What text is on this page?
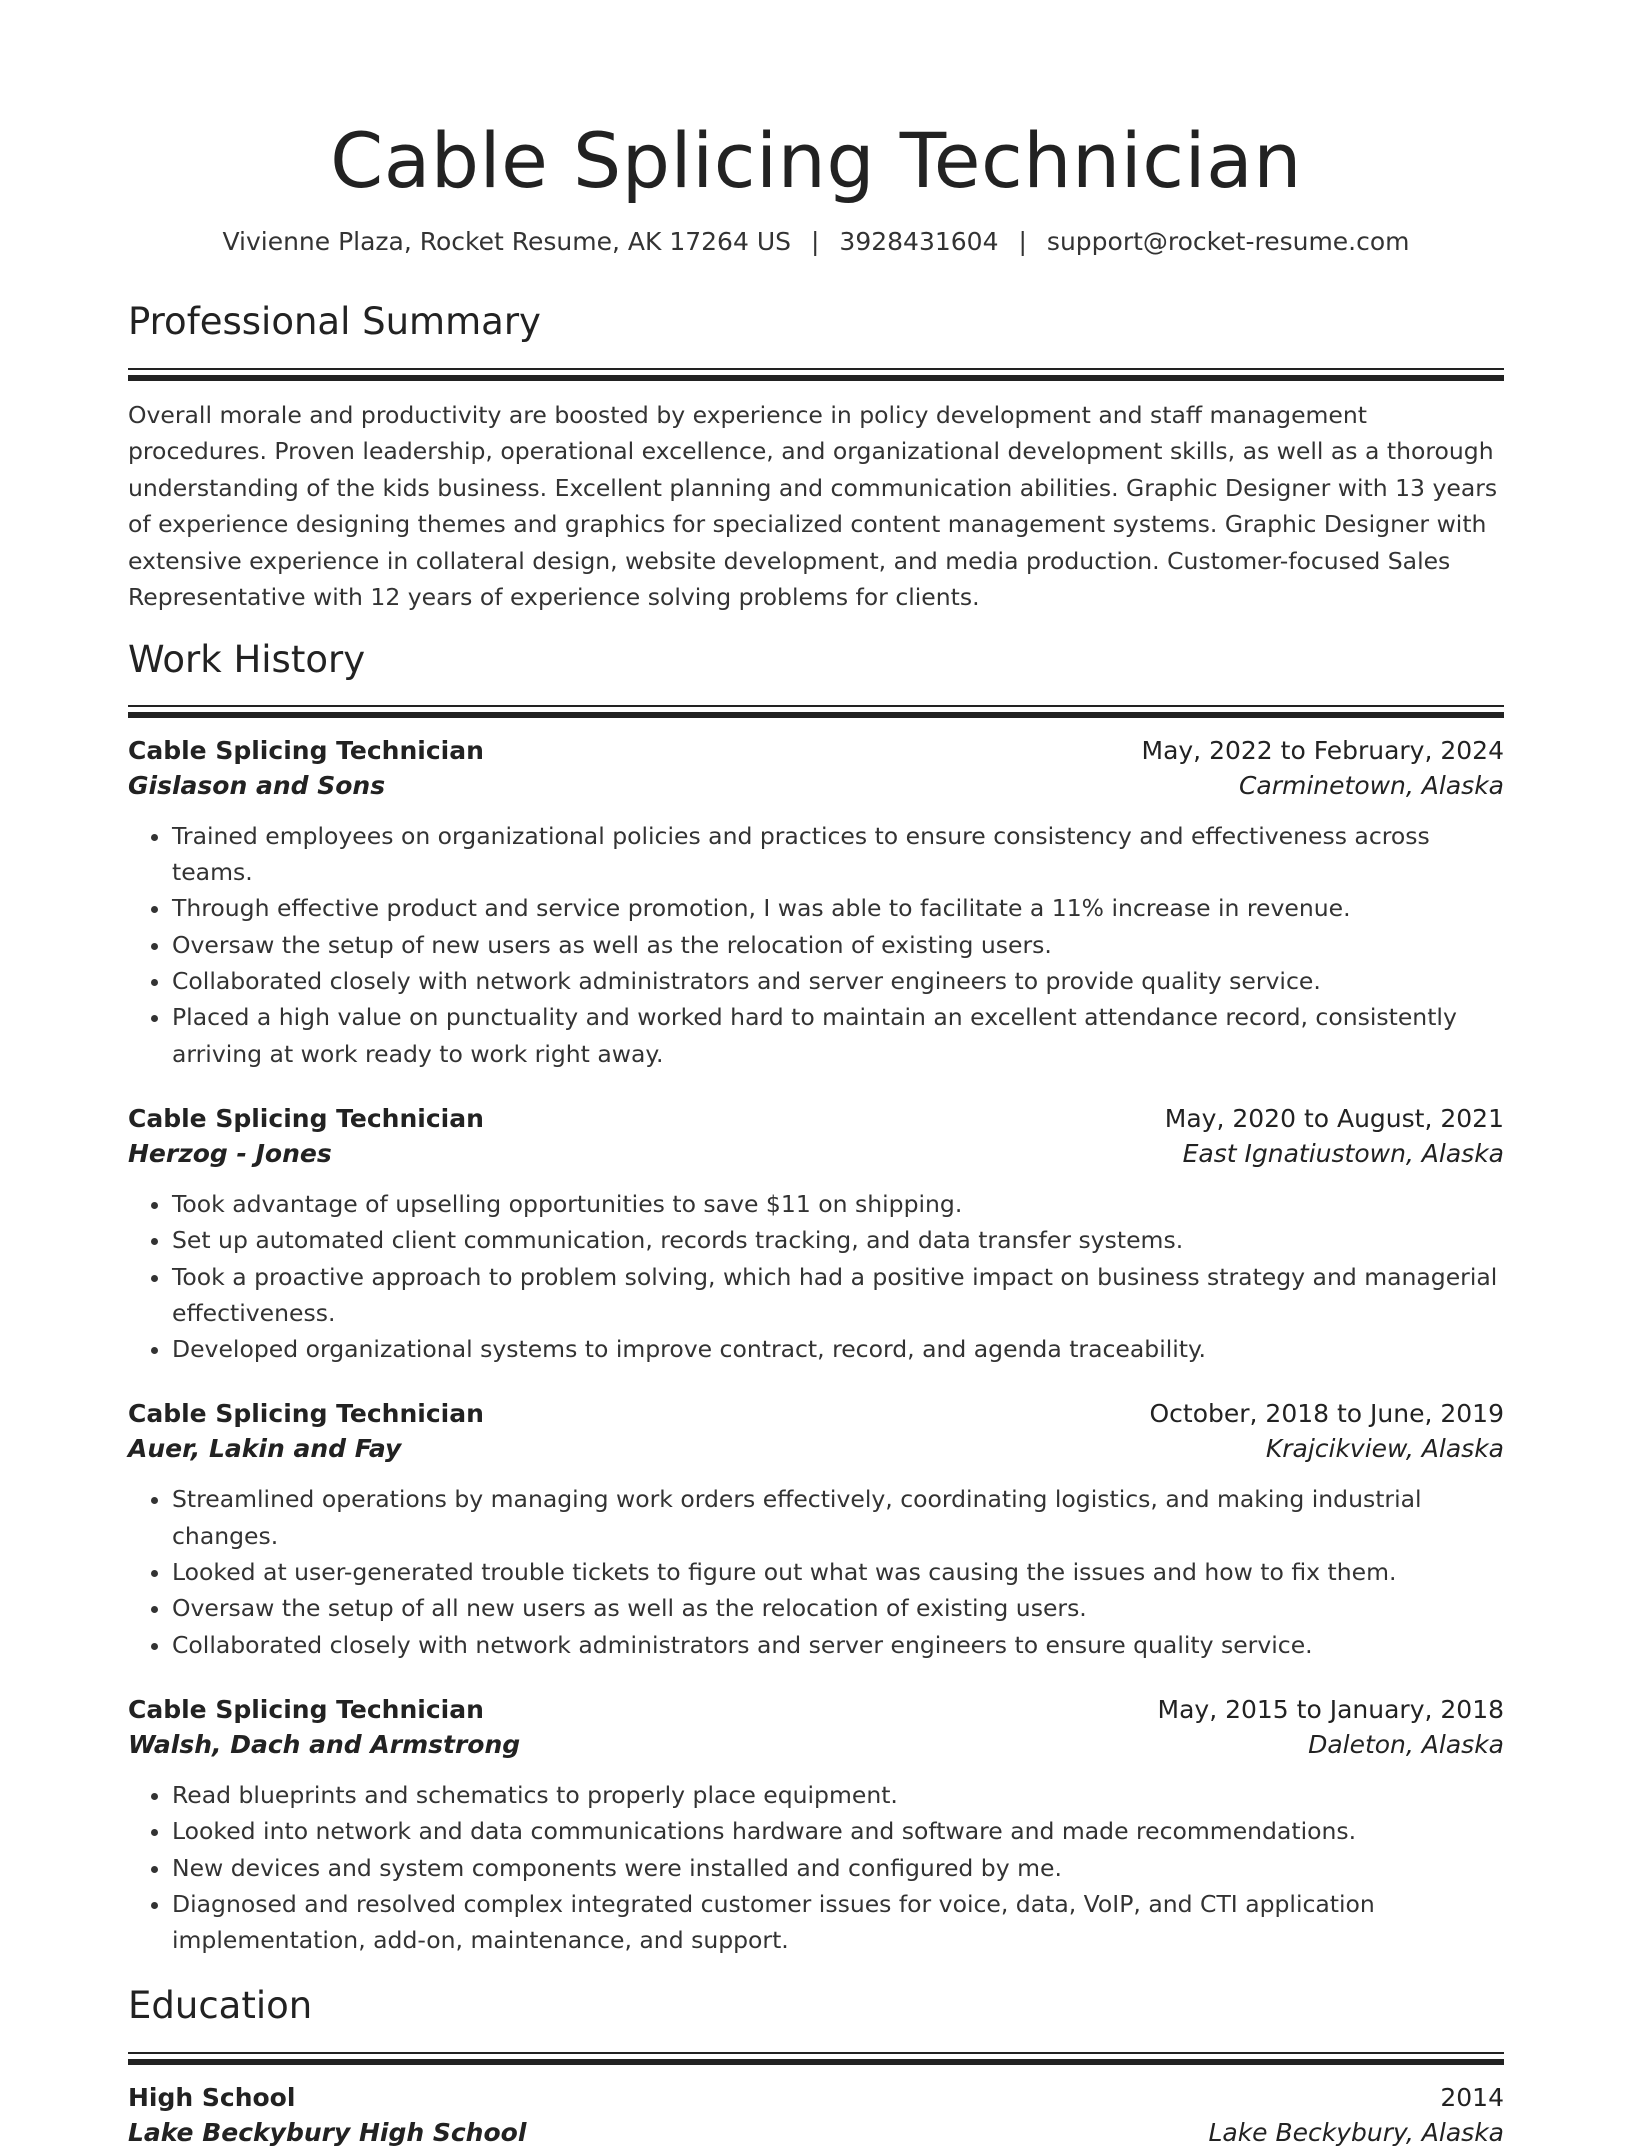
Cable Splicing Technician
Vivienne Plaza, Rocket Resume, AK 17264 US | 3928431604 | support@rocket-resume.com
Professional Summary

Overall morale and productivity are boosted by experience in policy development and staff management procedures. Proven leadership, operational excellence, and organizational development skills, as well as a thorough understanding of the kids business. Excellent planning and communication abilities. Graphic Designer with 13 years of experience designing themes and graphics for specialized content management systems. Graphic Designer with extensive experience in collateral design, website development, and media production. Customer-focused Sales Representative with 12 years of experience solving problems for clients.

Work History
Cable Splicing Technician	May, 2022 to February, 2024
Gislason and Sons	Carminetown, Alaska
• Trained employees on organizational policies and practices to ensure consistency and effectiveness across teams.
• Through effective product and service promotion, I was able to facilitate a 11% increase in revenue.
• Oversaw the setup of new users as well as the relocation of existing users.
• Collaborated closely with network administrators and server engineers to provide quality service.
• Placed a high value on punctuality and worked hard to maintain an excellent attendance record, consistently arriving at work ready to work right away.
Cable Splicing Technician	May, 2020 to August, 2021
Herzog - Jones	East Ignatiustown, Alaska
• Took advantage of upselling opportunities to save $11 on shipping.
• Set up automated client communication, records tracking, and data transfer systems.
• Took a proactive approach to problem solving, which had a positive impact on business strategy and managerial effectiveness.
• Developed organizational systems to improve contract, record, and agenda traceability.
Cable Splicing Technician	October, 2018 to June, 2019
Auer, Lakin and Fay	Krajcikview, Alaska
• Streamlined operations by managing work orders effectively, coordinating logistics, and making industrial changes.
• Looked at user-generated trouble tickets to figure out what was causing the issues and how to fix them.
• Oversaw the setup of all new users as well as the relocation of existing users.
• Collaborated closely with network administrators and server engineers to ensure quality service.
Cable Splicing Technician	May, 2015 to January, 2018
Walsh, Dach and Armstrong	Daleton, Alaska
• Read blueprints and schematics to properly place equipment.
• Looked into network and data communications hardware and software and made recommendations.
• New devices and system components were installed and configured by me.
• Diagnosed and resolved complex integrated customer issues for voice, data, VoIP, and CTI application implementation, add-on, maintenance, and support.
Education
High School	2014
Lake Beckybury High School	Lake Beckybury, Alaska
